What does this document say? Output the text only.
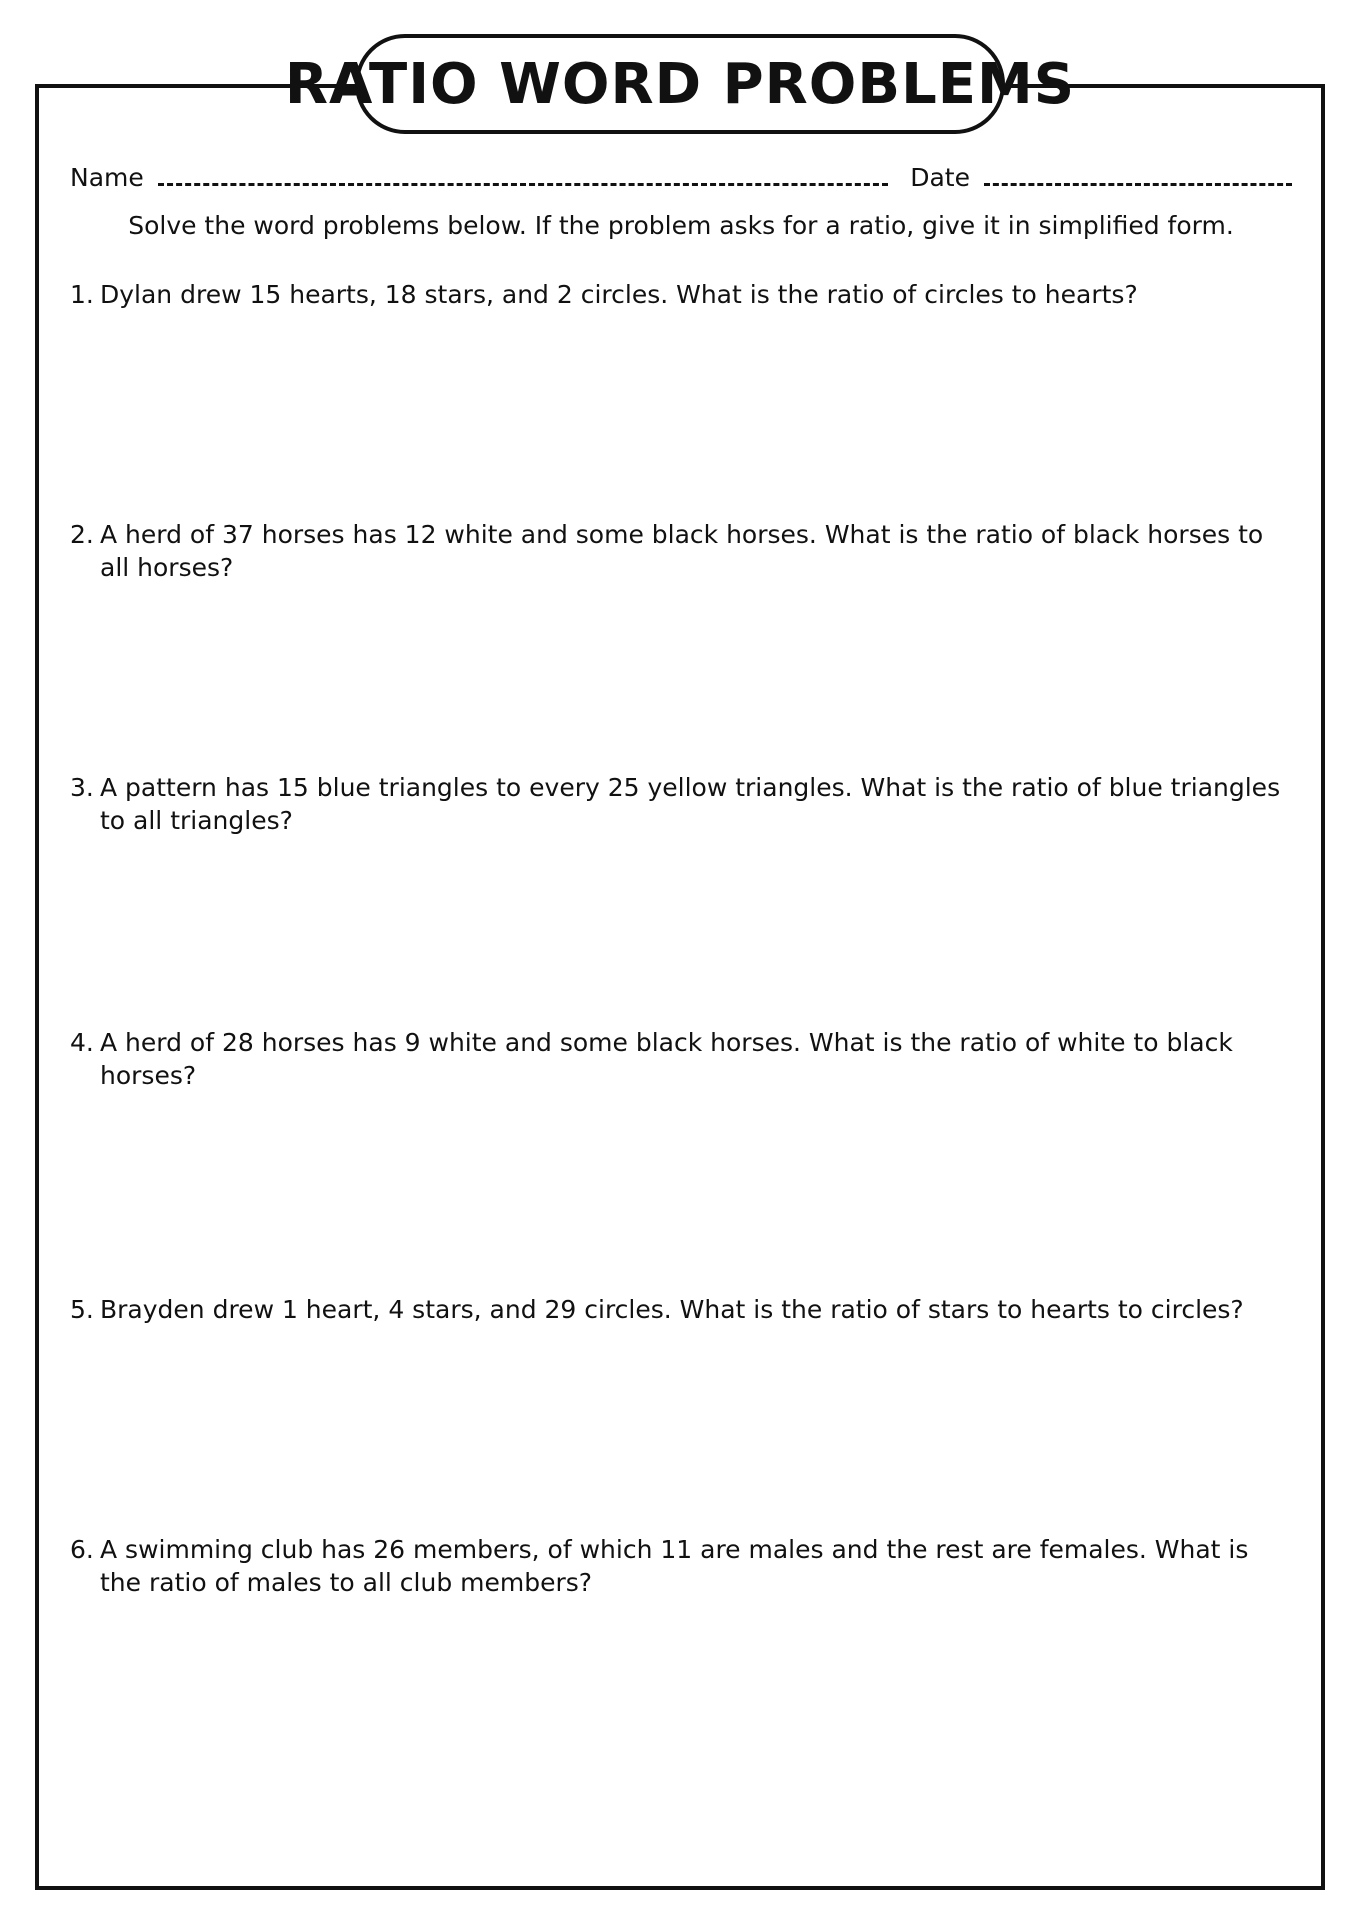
RATIO WORD PROBLEMS
Name	Date
Solve the word problems below. If the problem asks for a ratio, give it in simplified form.
1. Dylan drew 15 hearts, 18 stars, and 2 circles. What is the ratio of circles to hearts?
2. A herd of 37 horses has 12 white and some black horses. What is the ratio of black horses to all horses?
3. A pattern has 15 blue triangles to every 25 yellow triangles. What is the ratio of blue triangles to all triangles?
4. A herd of 28 horses has 9 white and some black horses. What is the ratio of white to black horses?
5. Brayden drew 1 heart, 4 stars, and 29 circles. What is the ratio of stars to hearts to circles?
6. A swimming club has 26 members, of which 11 are males and the rest are females. What is the ratio of males to all club members?
